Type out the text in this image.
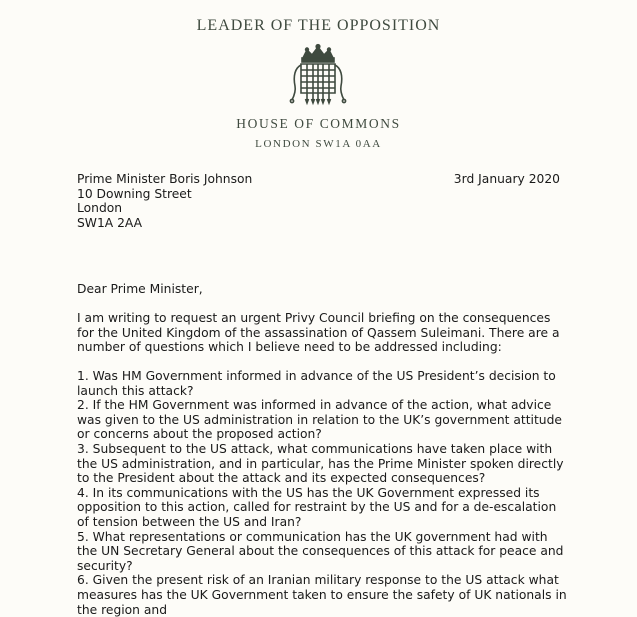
LEADER OF THE OPPOSITION
HOUSE OF COMMONS
LONDON SW1A 0AA
Prime Minister Boris Johnson
10 Downing Street
London
SW1A 2AA
3rd January 2020
Dear Prime Minister,

I am writing to request an urgent Privy Council briefing on the consequences for the United Kingdom of the assassination of Qassem Suleimani. There are a number of questions which I believe need to be addressed including:

1. Was HM Government informed in advance of the US President’s decision to launch this attack?

2. If the HM Government was informed in advance of the action, what advice was given to the US administration in relation to the UK’s government attitude or concerns about the proposed action?

3. Subsequent to the US attack, what communications have taken place with the US administration, and in particular, has the Prime Minister spoken directly to the President about the attack and its expected consequences?

4. In its communications with the US has the UK Government expressed its opposition to this action, called for restraint by the US and for a de-escalation of tension between the US and Iran?

5. What representations or communication has the UK government had with the UN Secretary General about the consequences of this attack for peace and security?

6. Given the present risk of an Iranian military response to the US attack what measures has the UK Government taken to ensure the safety of UK nationals in the region and
